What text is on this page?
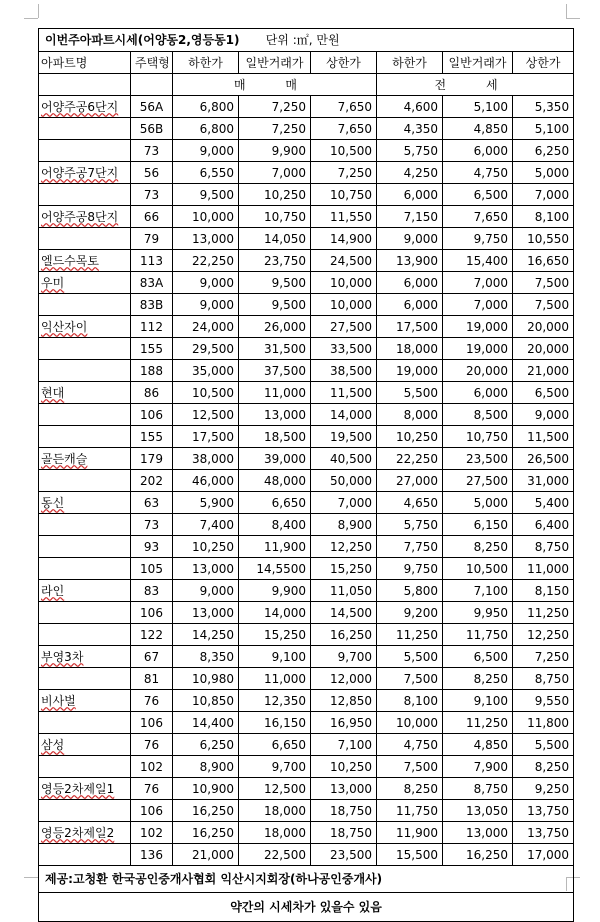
이번주아파트시세(어양동2,영등동1) 단위 :㎡, 만원							
아파트명	주택형	하한가	일반거래가	상한가	하한가	일반거래가	상한가
		매 매			전 세		
어양주공6단지	56A	6,800	7,250	7,650	4,600	5,100	5,350
	56B	6,800	7,250	7,650	4,350	4,850	5,100
	73	9,000	9,900	10,500	5,750	6,000	6,250
어양주공7단지	56	6,550	7,000	7,250	4,250	4,750	5,000
	73	9,500	10,250	10,750	6,000	6,500	7,000
어양주공8단지	66	10,000	10,750	11,550	7,150	7,650	8,100
	79	13,000	14,050	14,900	9,000	9,750	10,550
엘드수목토	113	22,250	23,750	24,500	13,900	15,400	16,650
우미	83A	9,000	9,500	10,000	6,000	7,000	7,500
	83B	9,000	9,500	10,000	6,000	7,000	7,500
익산자이	112	24,000	26,000	27,500	17,500	19,000	20,000
	155	29,500	31,500	33,500	18,000	19,000	20,000
	188	35,000	37,500	38,500	19,000	20,000	21,000
현대	86	10,500	11,000	11,500	5,500	6,000	6,500
	106	12,500	13,000	14,000	8,000	8,500	9,000
	155	17,500	18,500	19,500	10,250	10,750	11,500
골든캐슬	179	38,000	39,000	40,500	22,250	23,500	26,500
	202	46,000	48,000	50,000	27,000	27,500	31,000
동신	63	5,900	6,650	7,000	4,650	5,000	5,400
	73	7,400	8,400	8,900	5,750	6,150	6,400
	93	10,250	11,900	12,250	7,750	8,250	8,750
	105	13,000	14,5500	15,250	9,750	10,500	11,000
라인	83	9,000	9,900	11,050	5,800	7,100	8,150
	106	13,000	14,000	14,500	9,200	9,950	11,250
	122	14,250	15,250	16,250	11,250	11,750	12,250
부영3차	67	8,350	9,100	9,700	5,500	6,500	7,250
	81	10,980	11,000	12,000	7,500	8,250	8,750
비사벌	76	10,850	12,350	12,850	8,100	9,100	9,550
	106	14,400	16,150	16,950	10,000	11,250	11,800
삼성	76	6,250	6,650	7,100	4,750	4,850	5,500
	102	8,900	9,700	10,250	7,500	7,900	8,250
영등2차제일1	76	10,900	12,500	13,000	8,250	8,750	9,250
	106	16,250	18,000	18,750	11,750	13,050	13,750
영등2차제일2	102	16,250	18,000	18,750	11,900	13,000	13,750
	136	21,000	22,500	23,500	15,500	16,250	17,000
제공:고청환 한국공인중개사협회 익산시지회장(하나공인중개사)							
약간의 시세차가 있을수 있음							
